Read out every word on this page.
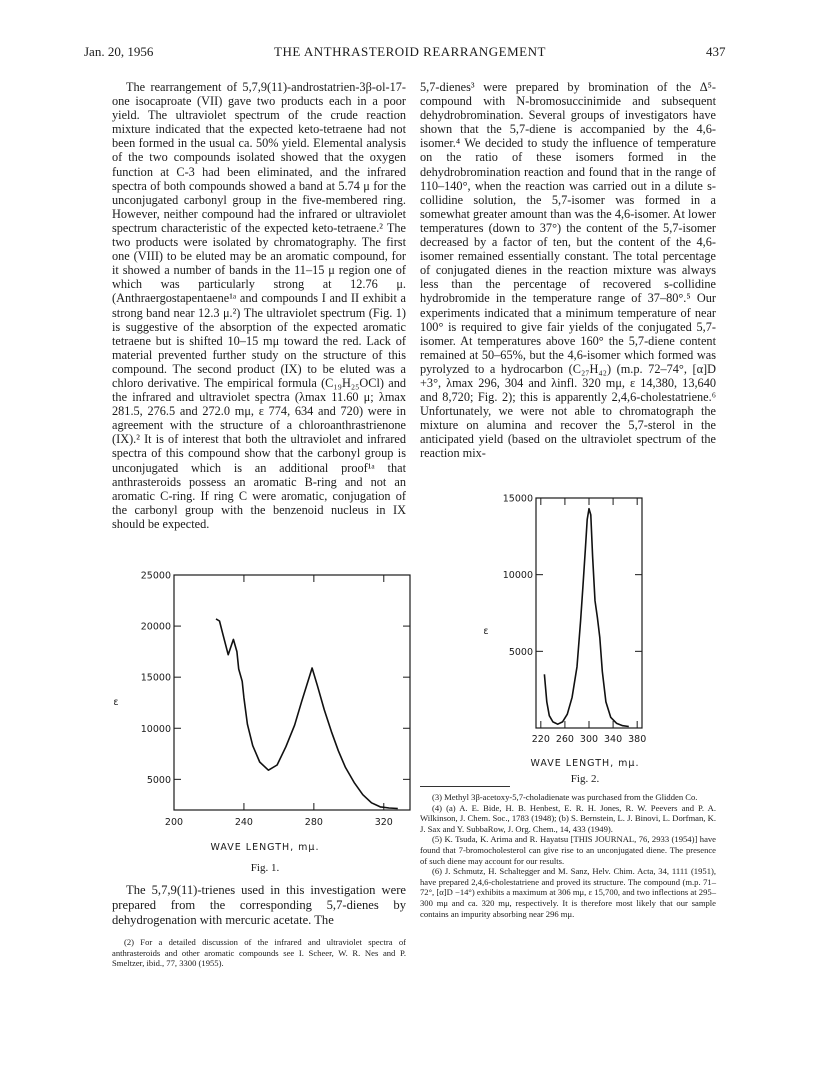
Jan. 20, 1956	THE ANTHRASTEROID REARRANGEMENT	437

The rearrangement of 5,7,9(11)-androstatrien-3β-ol-17-one isocaproate (VII) gave two products each in a poor yield. The ultraviolet spectrum of the crude reaction mixture indicated that the expected keto-tetraene had not been formed in the usual ca. 50% yield. Elemental analysis of the two compounds isolated showed that the oxygen function at C-3 had been eliminated, and the infrared spectra of both compounds showed a band at 5.74 μ for the unconjugated carbonyl group in the five-membered ring. However, neither compound had the infrared or ultraviolet spectrum characteristic of the expected keto-tetraene.² The two products were isolated by chromatography. The first one (VIII) to be eluted may be an aromatic compound, for it showed a number of bands in the 11–15 μ region one of which was particularly strong at 12.76 μ. (Anthraergostapentaene¹ᵃ and compounds I and II exhibit a strong band near 12.3 μ.²) The ultraviolet spectrum (Fig. 1) is suggestive of the absorption of the expected aromatic tetraene but is shifted 10–15 mμ toward the red. Lack of material prevented further study on the structure of this compound. The second product (IX) to be eluted was a chloro derivative. The empirical formula (C₁₉H₂₅OCl) and the infrared and ultraviolet spectra (λmax 11.60 μ; λmax 281.5, 276.5 and 272.0 mμ, ε 774, 634 and 720) were in agreement with the structure of a chloroanthrastrienone (IX).² It is of interest that both the ultraviolet and infrared spectra of this compound show that the carbonyl group is unconjugated which is an additional proof¹ᵃ that anthrasteroids possess an aromatic B-ring and not an aromatic C-ring. If ring C were aromatic, conjugation of the carbonyl group with the benzenoid nucleus in IX should be expected.

5,7-dienes³ were prepared by bromination of the Δ⁵-compound with N-bromosuccinimide and subsequent dehydrobromination. Several groups of investigators have shown that the 5,7-diene is accompanied by the 4,6-isomer.⁴ We decided to study the influence of temperature on the ratio of these isomers formed in the dehydrobromination reaction and found that in the range of 110–140°, when the reaction was carried out in a dilute s-collidine solution, the 5,7-isomer was formed in a somewhat greater amount than was the 4,6-isomer. At lower temperatures (down to 37°) the content of the 5,7-isomer decreased by a factor of ten, but the content of the 4,6-isomer remained essentially constant. The total percentage of conjugated dienes in the reaction mixture was always less than the percentage of recovered s-collidine hydrobromide in the temperature range of 37–80°.⁵ Our experiments indicated that a minimum temperature of near 100° is required to give fair yields of the conjugated 5,7-isomer. At temperatures above 160° the 5,7-diene content remained at 50–65%, but the 4,6-isomer which formed was pyrolyzed to a hydrocarbon (C₂₇H₄₂) (m.p. 72–74°, [α]D +3°, λmax 296, 304 and λinfl. 320 mμ, ε 14,380, 13,640 and 8,720; Fig. 2); this is apparently 2,4,6-cholestatriene.⁶ Unfortunately, we were not able to chromatograph the mixture on alumina and recover the 5,7-sterol in the anticipated yield (based on the ultraviolet spectrum of the reaction mix-

5000
10000
15000
20000
25000
200	240	280	320
ε
WAVE LENGTH, mμ.
Fig. 1.
5000
10000
15000
220 260 300 340 380
ε
WAVE LENGTH, mμ.
Fig. 2.

The 5,7,9(11)-trienes used in this investigation were prepared from the corresponding 5,7-dienes by dehydrogenation with mercuric acetate. The

(2) For a detailed discussion of the infrared and ultraviolet spectra of anthrasteroids and other aromatic compounds see I. Scheer, W. R. Nes and P. Smeltzer, ibid., 77, 3300 (1955).

(3) Methyl 3β-acetoxy-5,7-choladienate was purchased from the Glidden Co.

(4) (a) A. E. Bide, H. B. Henbest, E. R. H. Jones, R. W. Peevers and P. A. Wilkinson, J. Chem. Soc., 1783 (1948); (b) S. Bernstein, L. J. Binovi, L. Dorfman, K. J. Sax and Y. SubbaRow, J. Org. Chem., 14, 433 (1949).

(5) K. Tsuda, K. Arima and R. Hayatsu [THIS JOURNAL, 76, 2933 (1954)] have found that 7-bromocholesterol can give rise to an unconjugated diene. The presence of such diene may account for our results.

(6) J. Schmutz, H. Schaltegger and M. Sanz, Helv. Chim. Acta, 34, 1111 (1951), have prepared 2,4,6-cholestatriene and proved its structure. The compound (m.p. 71–72°, [α]D −14°) exhibits a maximum at 306 mμ, ε 15,700, and two inflections at 295–300 mμ and ca. 320 mμ, respectively. It is therefore most likely that our sample contains an impurity absorbing near 296 mμ.
